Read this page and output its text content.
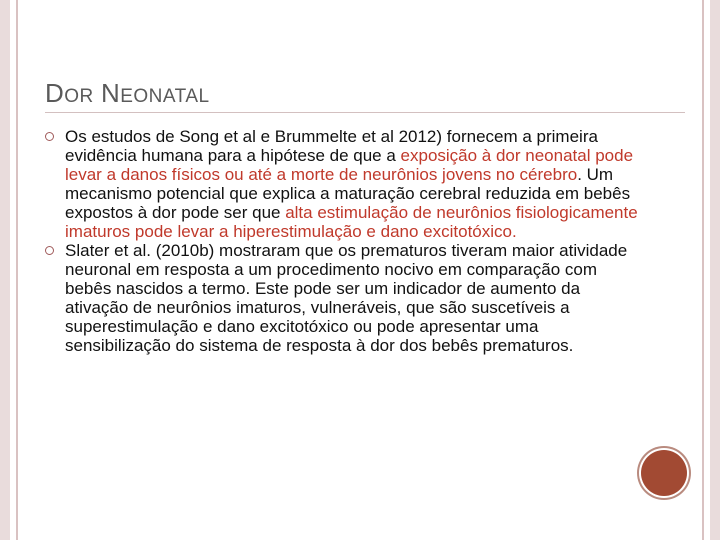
DOR NEONATAL
Os estudos de Song et al e Brummelte et al 2012) fornecem a primeira evidência humana para a hipótese de que a exposição à dor neonatal pode levar a danos físicos ou até a morte de neurônios jovens no cérebro. Um mecanismo potencial que explica a maturação cerebral reduzida em bebês expostos à dor pode ser que alta estimulação de neurônios fisiologicamente imaturos pode levar a hiperestimulação e dano excitotóxico.
Slater et al. (2010b) mostraram que os prematuros tiveram maior atividade neuronal em resposta a um procedimento nocivo em comparação com bebês nascidos a termo. Este pode ser um indicador de aumento da ativação de neurônios imaturos, vulneráveis, que são suscetíveis a superestimulação e dano excitotóxico ou pode apresentar uma sensibilização do sistema de resposta à dor dos bebês prematuros.
